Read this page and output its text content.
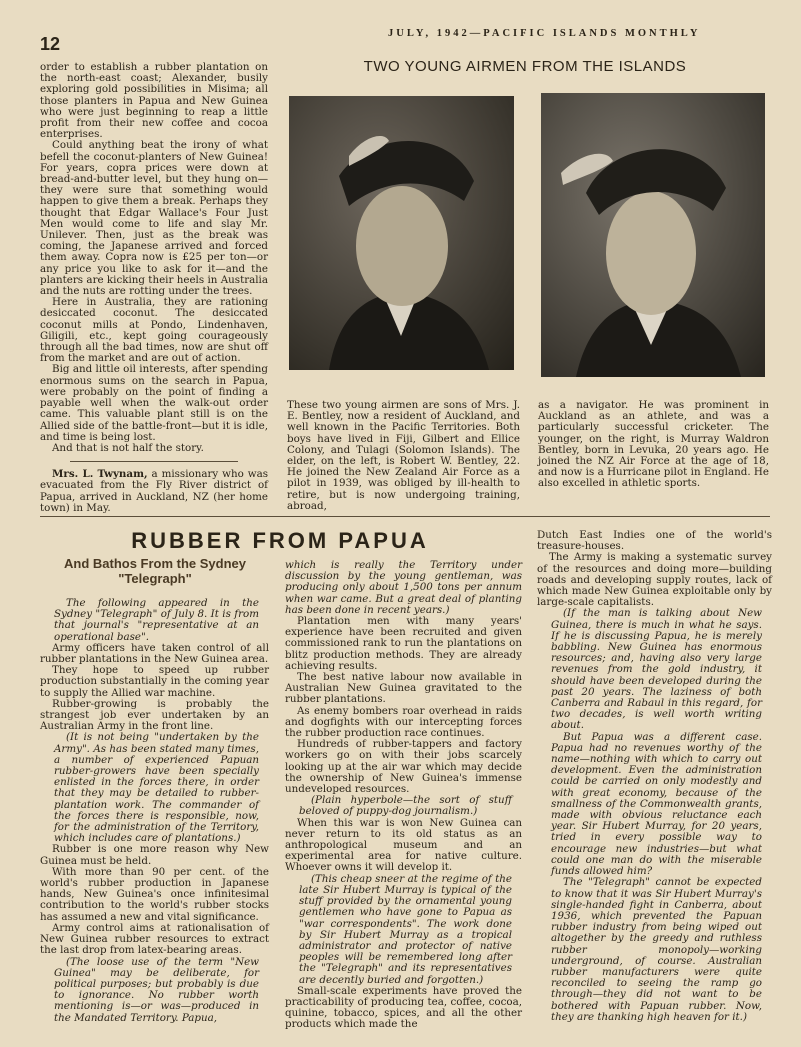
12
JULY, 1942—PACIFIC ISLANDS MONTHLY

order to establish a rubber plantation on the north-east coast; Alexander, busily exploring gold possibilities in Misima; all those planters in Papua and New Guinea who were just beginning to reap a little profit from their new coffee and cocoa enterprises.

Could anything beat the irony of what befell the coconut-planters of New Guinea! For years, copra prices were down at bread-and-butter level, but they hung on—they were sure that something would happen to give them a break. Perhaps they thought that Edgar Wallace's Four Just Men would come to life and slay Mr. Unilever. Then, just as the break was coming, the Japanese arrived and forced them away. Copra now is £25 per ton—or any price you like to ask for it—and the planters are kicking their heels in Australia and the nuts are rotting under the trees.

Here in Australia, they are rationing desiccated coconut. The desiccated coconut mills at Pondo, Lindenhaven, Giligili, etc., kept going courageously through all the bad times, now are shut off from the market and are out of action.

Big and little oil interests, after spending enormous sums on the search in Papua, were probably on the point of finding a payable well when the walk-out order came. This valuable plant still is on the Allied side of the battle-front—but it is idle, and time is being lost.

And that is not half the story.

Mrs. L. Twynam, a missionary who was evacuated from the Fly River district of Papua, arrived in Auckland, NZ (her home town) in May.

TWO YOUNG AIRMEN FROM THE ISLANDS
These two young airmen are sons of Mrs. J. E. Bentley, now a resident of Auckland, and well known in the Pacific Territories. Both boys have lived in Fiji, Gilbert and Ellice Colony, and Tulagi (Solomon Islands). The elder, on the left, is Robert W. Bentley, 22. He joined the New Zealand Air Force as a pilot in 1939, was obliged by ill-health to retire, but is now undergoing training, abroad,
as a navigator. He was prominent in Auckland as an athlete, and was a particularly successful cricketer. The younger, on the right, is Murray Waldron Bentley, born in Levuka, 20 years ago. He joined the NZ Air Force at the age of 18, and now is a Hurricane pilot in England. He also excelled in athletic sports.
RUBBER FROM PAPUA
And Bathos From the Sydney
"Telegraph"

The following appeared in the Sydney "Telegraph" of July 8. It is from that journal's "representative at an operational base".

Army officers have taken control of all rubber plantations in the New Guinea area.

They hope to speed up rubber production substantially in the coming year to supply the Allied war machine.

Rubber-growing is probably the strangest job ever undertaken by an Australian Army in the front line.

(It is not being "undertaken by the Army". As has been stated many times, a number of experienced Papuan rubber-growers have been specially enlisted in the forces there, in order that they may be detailed to rubber-plantation work. The commander of the forces there is responsible, now, for the administration of the Territory, which includes care of plantations.)

Rubber is one more reason why New Guinea must be held.

With more than 90 per cent. of the world's rubber production in Japanese hands, New Guinea's once infinitesimal contribution to the world's rubber stocks has assumed a new and vital significance.

Army control aims at rationalisation of New Guinea rubber resources to extract the last drop from latex-bearing areas.

(The loose use of the term "New Guinea" may be deliberate, for political purposes; but probably is due to ignorance. No rubber worth mentioning is—or was—produced in the Mandated Territory. Papua,

which is really the Territory under discussion by the young gentleman, was producing only about 1,500 tons per annum when war came. But a great deal of planting has been done in recent years.)

Plantation men with many years' experience have been recruited and given commissioned rank to run the plantations on blitz production methods. They are already achieving results.

The best native labour now available in Australian New Guinea gravitated to the rubber plantations.

As enemy bombers roar overhead in raids and dogfights with our intercepting forces the rubber production race continues.

Hundreds of rubber-tappers and factory workers go on with their jobs scarcely looking up at the air war which may decide the ownership of New Guinea's immense undeveloped resources.

(Plain hyperbole—the sort of stuff beloved of puppy-dog journalism.)

When this war is won New Guinea can never return to its old status as an anthropological museum and an experimental area for native culture. Whoever owns it will develop it.

(This cheap sneer at the regime of the late Sir Hubert Murray is typical of the stuff provided by the ornamental young gentlemen who have gone to Papua as "war correspondents". The work done by Sir Hubert Murray as a tropical administrator and protector of native peoples will be remembered long after the "Telegraph" and its representatives are decently buried and forgotten.)

Small-scale experiments have proved the practicability of producing tea, coffee, cocoa, quinine, tobacco, spices, and all the other products which made the

Dutch East Indies one of the world's treasure-houses.

The Army is making a systematic survey of the resources and doing more—building roads and developing supply routes, lack of which made New Guinea exploitable only by large-scale capitalists.

(If the man is talking about New Guinea, there is much in what he says. If he is discussing Papua, he is merely babbling. New Guinea has enormous resources; and, having also very large revenues from the gold industry, it should have been developed during the past 20 years. The laziness of both Canberra and Rabaul in this regard, for two decades, is well worth writing about.

But Papua was a different case. Papua had no revenues worthy of the name—nothing with which to carry out development. Even the administration could be carried on only modestly and with great economy, because of the smallness of the Commonwealth grants, made with obvious reluctance each year. Sir Hubert Murray, for 20 years, tried in every possible way to encourage new industries—but what could one man do with the miserable funds allowed him?

The "Telegraph" cannot be expected to know that it was Sir Hubert Murray's single-handed fight in Canberra, about 1936, which prevented the Papuan rubber industry from being wiped out altogether by the greedy and ruthless rubber monopoly—working underground, of course. Australian rubber manufacturers were quite reconciled to seeing the ramp go through—they did not want to be bothered with Papuan rubber. Now, they are thanking high heaven for it.)
